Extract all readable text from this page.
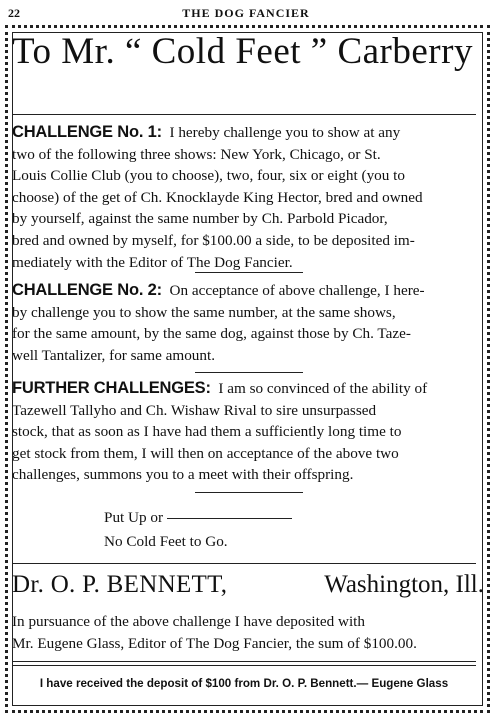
22	THE DOG FANCIER
To Mr. “ Cold Feet ” Carberry
CHALLENGE No. 1: I hereby challenge you to show at any
two of the following three shows: New York, Chicago, or St.
Louis Collie Club (you to choose), two, four, six or eight (you to
choose) of the get of Ch. Knocklayde King Hector, bred and owned
by yourself, against the same number by Ch. Parbold Picador,
bred and owned by myself, for $100.00 a side, to be deposited im-
mediately with the Editor of The Dog Fancier.
CHALLENGE No. 2: On acceptance of above challenge, I here-
by challenge you to show the same number, at the same shows,
for the same amount, by the same dog, against those by Ch. Taze-
well Tantalizer, for same amount.
FURTHER CHALLENGES: I am so convinced of the ability of
Tazewell Tallyho and Ch. Wishaw Rival to sire unsurpassed
stock, that as soon as I have had them a sufficiently long time to
get stock from them, I will then on acceptance of the above two
challenges, summons you to a meet with their offspring.
Put Up or
No Cold Feet to Go.
Dr. O. P. BENNETT,	Washington, Ill.
In pursuance of the above challenge I have deposited with
Mr. Eugene Glass, Editor of The Dog Fancier, the sum of $100.00.
I have received the deposit of $100 from Dr. O. P. Bennett.— Eugene Glass
